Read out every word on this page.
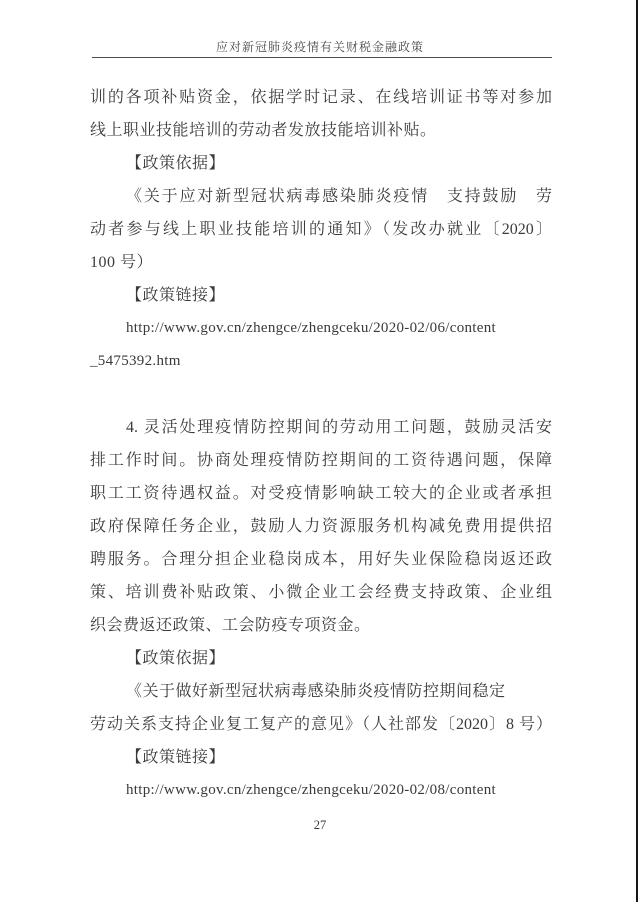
应对新冠肺炎疫情有关财税金融政策
训的各项补贴资金，依据学时记录、在线培训证书等对参加
线上职业技能培训的劳动者发放技能培训补贴。
【政策依据】
《关于应对新型冠状病毒感染肺炎疫情　支持鼓励　劳
动者参与线上职业技能培训的通知》（发改办就业〔2020〕
100 号）
【政策链接】
http://www.gov.cn/zhengce/zhengceku/2020-02/06/content
_5475392.htm
4. 灵活处理疫情防控期间的劳动用工问题，鼓励灵活安
排工作时间。协商处理疫情防控期间的工资待遇问题，保障
职工工资待遇权益。对受疫情影响缺工较大的企业或者承担
政府保障任务企业，鼓励人力资源服务机构减免费用提供招
聘服务。合理分担企业稳岗成本，用好失业保险稳岗返还政
策、培训费补贴政策、小微企业工会经费支持政策、企业组
织会费返还政策、工会防疫专项资金。
【政策依据】
《关于做好新型冠状病毒感染肺炎疫情防控期间稳定
劳动关系支持企业复工复产的意见》（人社部发〔2020〕8 号）
【政策链接】
http://www.gov.cn/zhengce/zhengceku/2020-02/08/content
27
